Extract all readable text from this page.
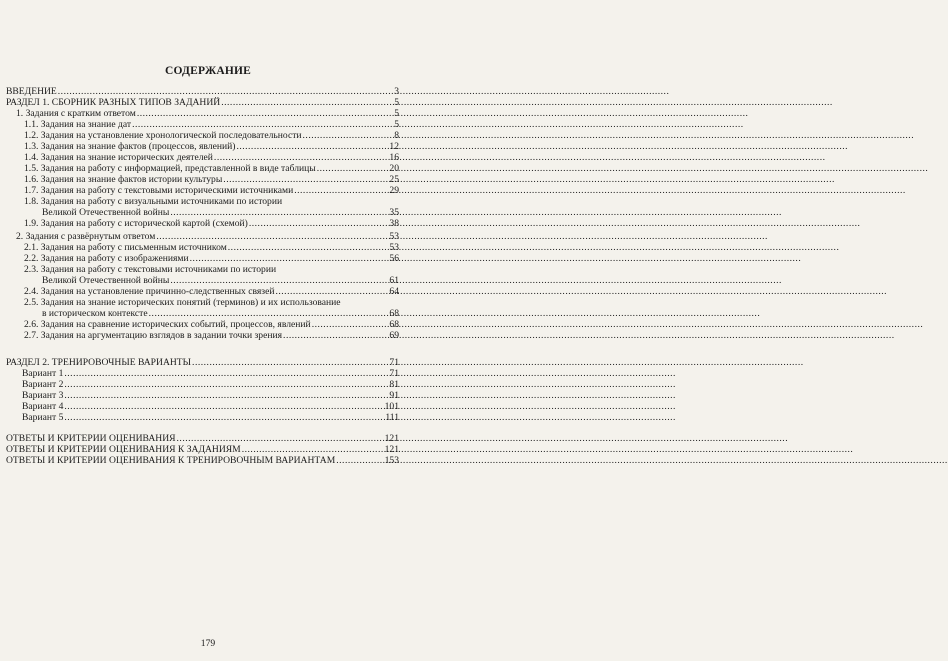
СОДЕРЖАНИЕ
ВВЕДЕНИЕ .....	3
РАЗДЕЛ 1. СБОРНИК РАЗНЫХ ТИПОВ ЗАДАНИЙ .....	5
1. Задания с кратким ответом .....	5
1.1. Задания на знание дат .....	5
1.2. Задания на установление хронологической последовательности .....	8
1.3. Задания на знание фактов (процессов, явлений) .....	12
1.4. Задания на знание исторических деятелей .....	16
1.5. Задания на работу с информацией, представленной в виде таблицы .....	20
1.6. Задания на знание фактов истории культуры .....	25
1.7. Задания на работу с текстовыми историческими источниками .....	29
1.8. Задания на работу с визуальными источниками по истории
Великой Отечественной войны .....	35
1.9. Задания на работу с исторической картой (схемой) .....	38
2. Задания с развёрнутым ответом .....	53
2.1. Задания на работу с письменным источником .....	53
2.2. Задания на работу с изображениями .....	56
2.3. Задания на работу с текстовыми источниками по истории
Великой Отечественной войны .....	61
2.4. Задания на установление причинно-следственных связей .....	64
2.5. Задания на знание исторических понятий (терминов) и их использование
в историческом контексте .....	68
2.6. Задания на сравнение исторических событий, процессов, явлений .....	68
2.7. Задания на аргументацию взглядов в задании точки зрения .....	69
РАЗДЕЛ 2. ТРЕНИРОВОЧНЫЕ ВАРИАНТЫ .....	71
Вариант 1 .....	71
Вариант 2 .....	81
Вариант 3 .....	91
Вариант 4 .....	101
Вариант 5 .....	111
ОТВЕТЫ И КРИТЕРИИ ОЦЕНИВАНИЯ .....	121
ОТВЕТЫ И КРИТЕРИИ ОЦЕНИВАНИЯ К ЗАДАНИЯМ .....	121
ОТВЕТЫ И КРИТЕРИИ ОЦЕНИВАНИЯ К ТРЕНИРОВОЧНЫМ ВАРИАНТАМ .....	153
179
